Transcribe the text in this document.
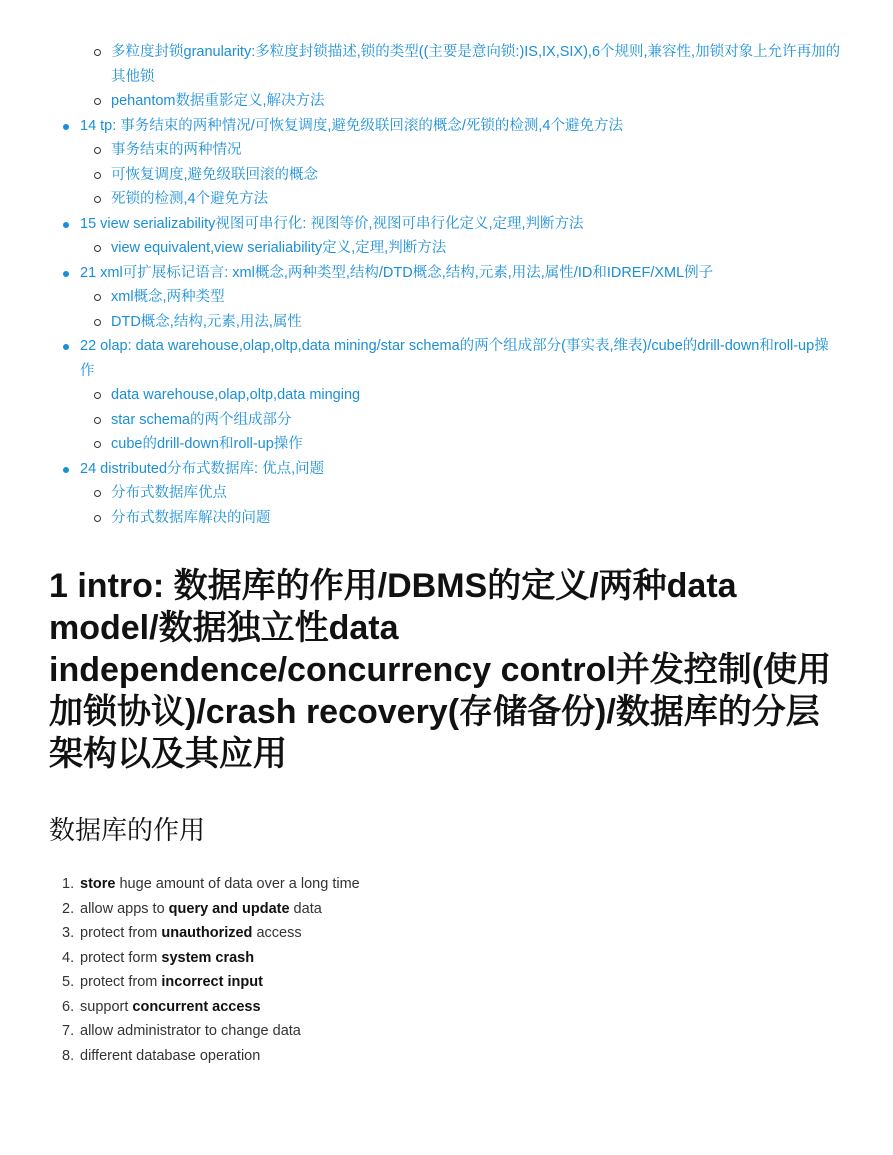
多粒度封锁granularity:多粒度封锁描述,锁的类型((主要是意向锁:)IS,IX,SIX),6个规则,兼容性,加锁对象上允许再加的其他锁
pehantom数据重影定义,解决方法
14 tp: 事务结束的两种情况/可恢复调度,避免级联回滚的概念/死锁的检测,4个避免方法
事务结束的两种情况
可恢复调度,避免级联回滚的概念
死锁的检测,4个避免方法
15 view serializability视图可串行化: 视图等价,视图可串行化定义,定理,判断方法
view equivalent,view serialiability定义,定理,判断方法
21 xml可扩展标记语言: xml概念,两种类型,结构/DTD概念,结构,元素,用法,属性/ID和IDREF/XML例子
xml概念,两种类型
DTD概念,结构,元素,用法,属性
22 olap: data warehouse,olap,oltp,data mining/star schema的两个组成部分(事实表,维表)/cube的drill-down和roll-up操作
data warehouse,olap,oltp,data minging
star schema的两个组成部分
cube的drill-down和roll-up操作
24 distributed分布式数据库: 优点,问题
分布式数据库优点
分布式数据库解决的问题
1 intro: 数据库的作用/DBMS的定义/两种data model/数据独立性data independence/concurrency control并发控制(使用加锁协议)/crash recovery(存储备份)/数据库的分层架构以及其应用
数据库的作用
1. store huge amount of data over a long time
2. allow apps to query and update data
3. protect from unauthorized access
4. protect form system crash
5. protect from incorrect input
6. support concurrent access
7. allow administrator to change data
8. different database operation
